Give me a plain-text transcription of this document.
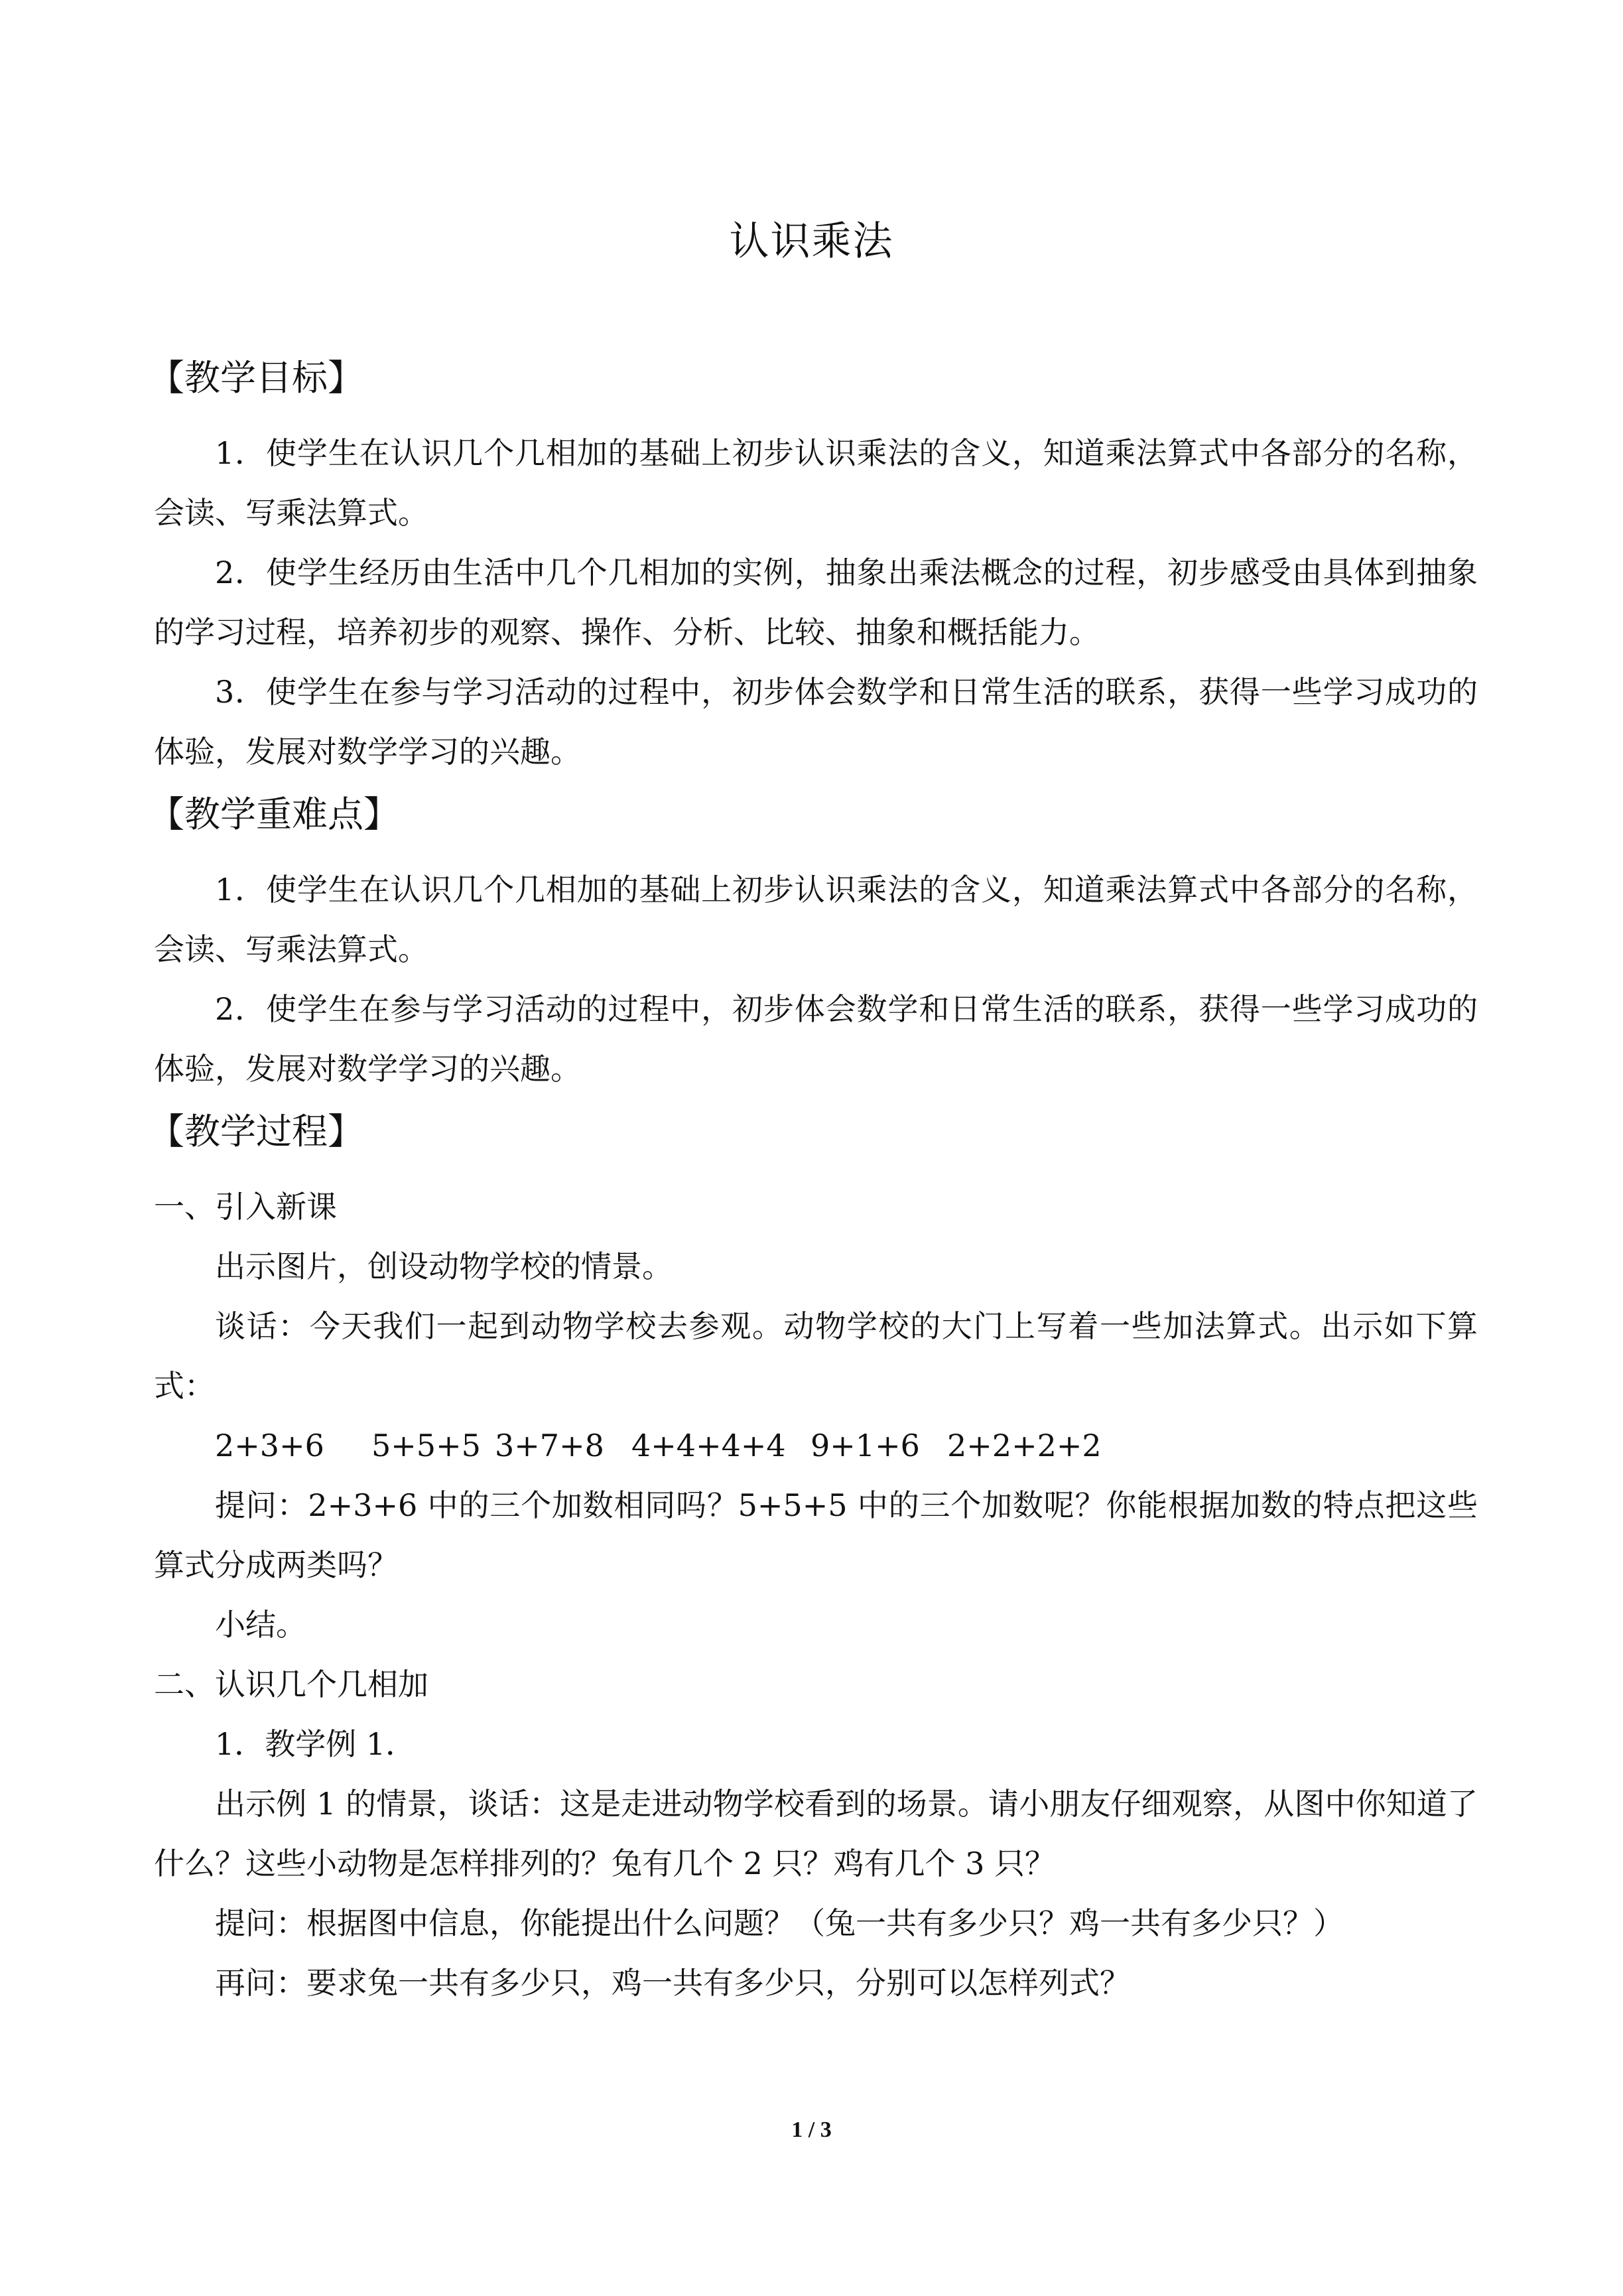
认识乘法
【教学目标】
1．使学生在认识几个几相加的基础上初步认识乘法的含义，知道乘法算式中各部分的名称，会读、写乘法算式。
2．使学生经历由生活中几个几相加的实例，抽象出乘法概念的过程，初步感受由具体到抽象的学习过程，培养初步的观察、操作、分析、比较、抽象和概括能力。
3．使学生在参与学习活动的过程中，初步体会数学和日常生活的联系，获得一些学习成功的体验，发展对数学学习的兴趣。
【教学重难点】
1．使学生在认识几个几相加的基础上初步认识乘法的含义，知道乘法算式中各部分的名称，会读、写乘法算式。
2．使学生在参与学习活动的过程中，初步体会数学和日常生活的联系，获得一些学习成功的体验，发展对数学学习的兴趣。
【教学过程】
一、引入新课
出示图片，创设动物学校的情景。
谈话：今天我们一起到动物学校去参观。动物学校的大门上写着一些加法算式。出示如下算式：
2+3+6 5+5+5 3+7+8 4+4+4+4 9+1+6 2+2+2+2
提问：2+3+6 中的三个加数相同吗？5+5+5 中的三个加数呢？你能根据加数的特点把这些算式分成两类吗？
小结。
二、认识几个几相加
1．教学例 1．
出示例 1 的情景，谈话：这是走进动物学校看到的场景。请小朋友仔细观察，从图中你知道了什么？这些小动物是怎样排列的？兔有几个 2 只？鸡有几个 3 只？
提问：根据图中信息，你能提出什么问题？（兔一共有多少只？鸡一共有多少只？）
再问：要求兔一共有多少只，鸡一共有多少只，分别可以怎样列式？
1 / 3
